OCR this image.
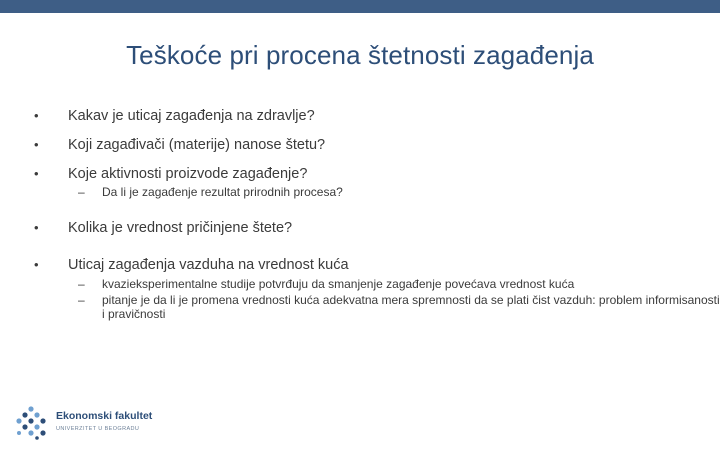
Teškoće pri procena štetnosti zagađenja
• Kakav je uticaj zagađenja na zdravlje?
• Koji zagađivači (materije) nanose štetu?
• Koje aktivnosti proizvode zagađenje?
– Da li je zagađenje rezultat prirodnih procesa?
• Kolika je vrednost pričinjene štete?
• Uticaj zagađenja vazduha na vrednost kuća
– kvazieksperimentalne studije potvrđuju da smanjenje zagađenje povećava vrednost kuća
– pitanje je da li je promena vrednosti kuća adekvatna mera spremnosti da se plati čist vazduh: problem informisanosti i pravičnosti
Ekonomski fakultet
UNIVERZITET U BEOGRADU
